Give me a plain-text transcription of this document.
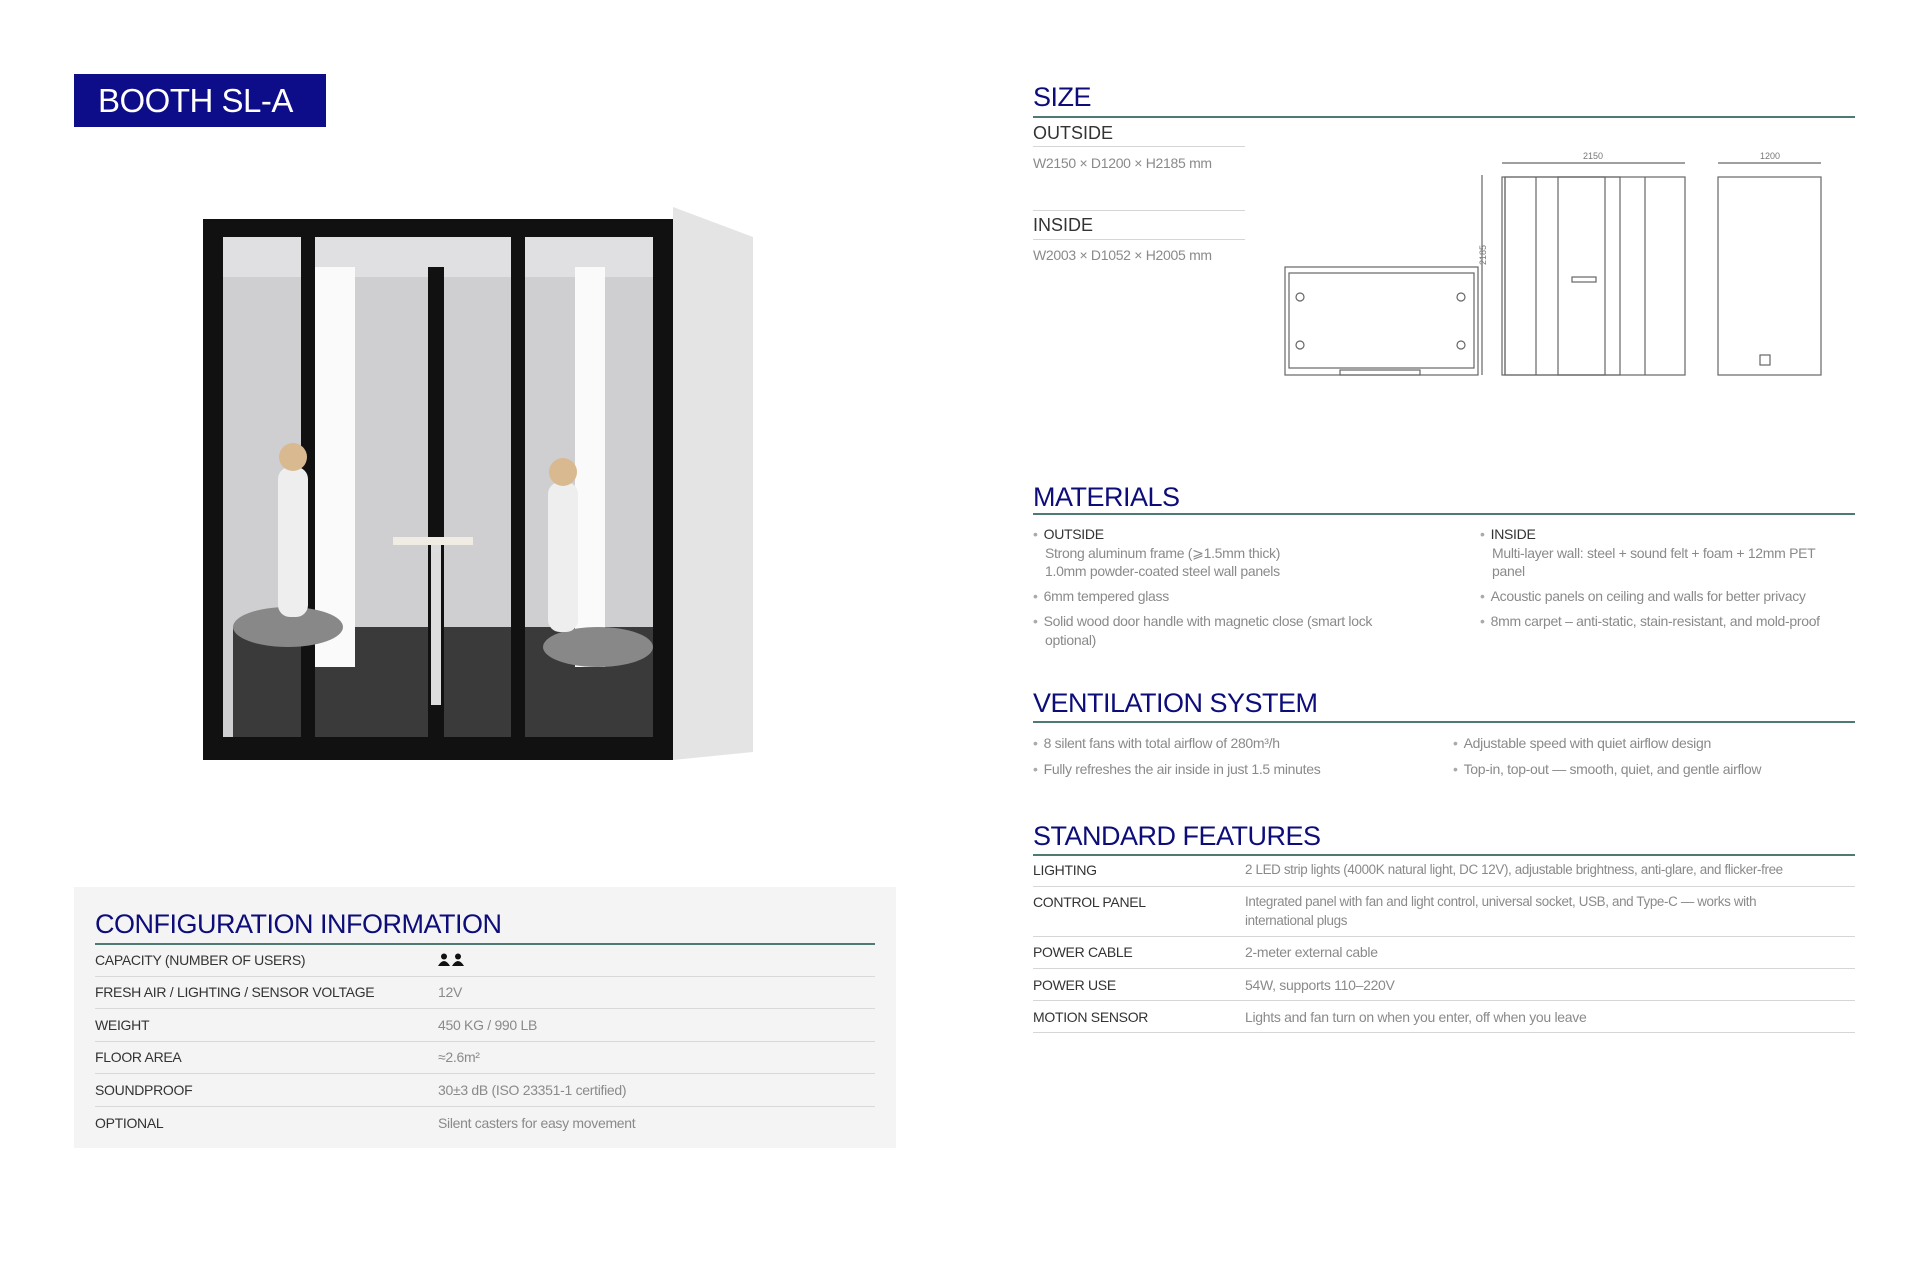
BOOTH SL-A	SIZE
OUTSIDE
W2150 × D1200 × H2185 mm
INSIDE
W2003 × D1052 × H2005 mm
2150	1200
2185
MATERIALS
• OUTSIDE
Strong aluminum frame (⩾1.5mm thick)
1.0mm powder-coated steel wall panels
• 6mm tempered glass
• Solid wood door handle with magnetic close (smart lock
optional)
• INSIDE
Multi-layer wall: steel + sound felt + foam + 12mm PET
panel
• Acoustic panels on ceiling and walls for better privacy
• 8mm carpet – anti-static, stain-resistant, and mold-proof
VENTILATION SYSTEM
• 8 silent fans with total airflow of 280m³/h
• Fully refreshes the air inside in just 1.5 minutes
• Adjustable speed with quiet airflow design
• Top-in, top-out — smooth, quiet, and gentle airflow
STANDARD FEATURES
LIGHTING	2 LED strip lights (4000K natural light, DC 12V), adjustable brightness, anti-glare, and flicker-free
CONTROL PANEL	Integrated panel with fan and light control, universal socket, USB, and Type-C — works with
international plugs
POWER CABLE	2-meter external cable
POWER USE	54W, supports 110–220V
MOTION SENSOR	Lights and fan turn on when you enter, off when you leave
CONFIGURATION INFORMATION
CAPACITY (NUMBER OF USERS)
FRESH AIR / LIGHTING / SENSOR VOLTAGE	12V
WEIGHT	450 KG / 990 LB
FLOOR AREA	≈2.6m²
SOUNDPROOF	30±3 dB (ISO 23351-1 certified)
OPTIONAL	Silent casters for easy movement
